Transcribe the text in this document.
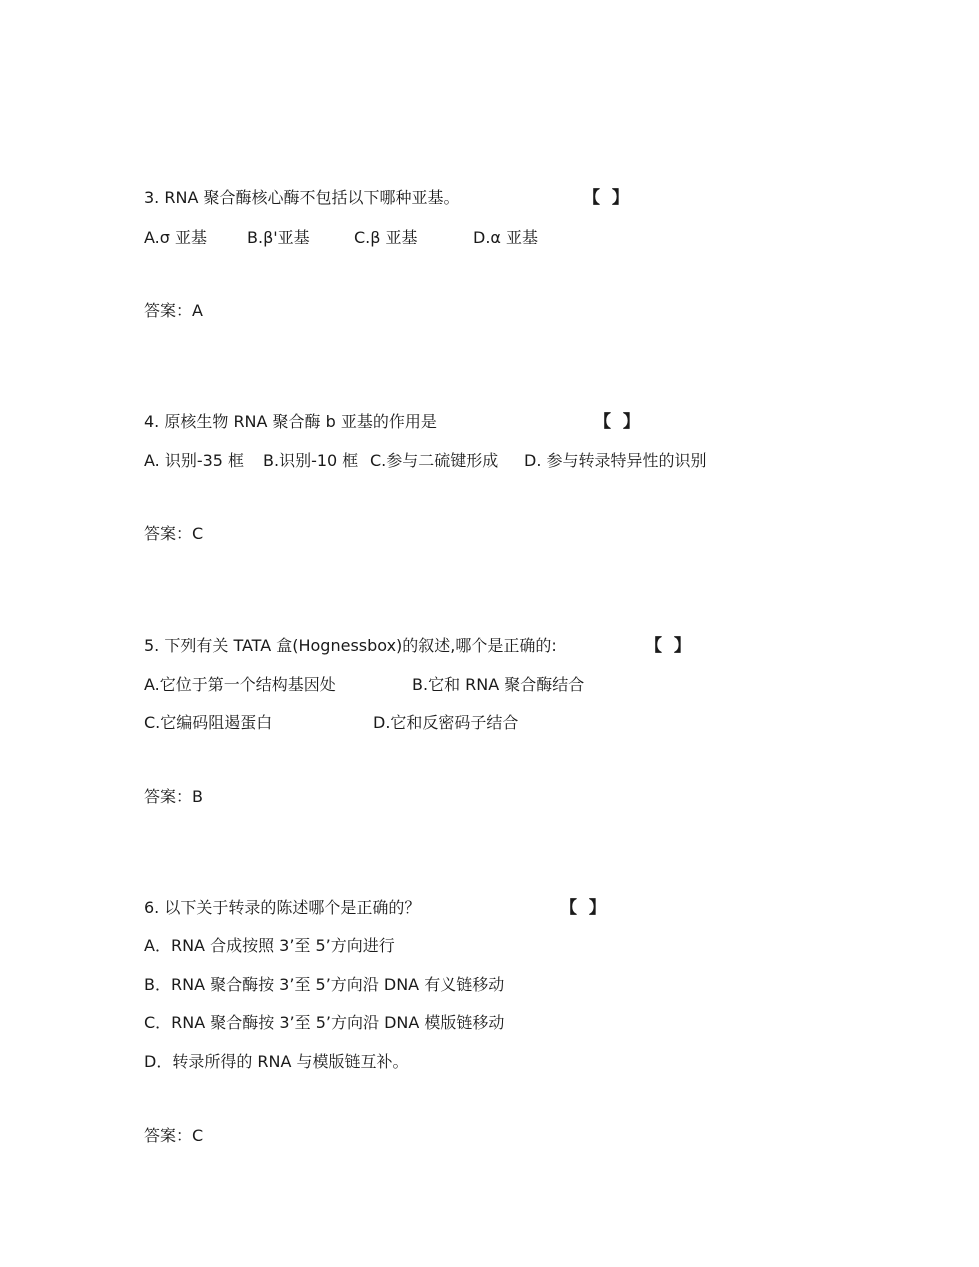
3. RNA 聚合酶核心酶不包括以下哪种亚基。	【  】
A.σ 亚基	B.β'亚基	C.β 亚基	D.α 亚基
答案：A
4. 原核生物 RNA 聚合酶 b 亚基的作用是	【  】
A. 识别-35 框 B.识别-10 框 C.参与二硫键形成 D. 参与转录特异性的识别
答案：C
5. 下列有关 TATA 盒(Hognessbox)的叙述,哪个是正确的:	【  】
A.它位于第一个结构基因处	B.它和 RNA 聚合酶结合
C.它编码阻遏蛋白	D.它和反密码子结合
答案：B
6. 以下关于转录的陈述哪个是正确的？	【  】
A．RNA 合成按照 3’至 5’方向进行
B．RNA 聚合酶按 3’至 5’方向沿 DNA 有义链移动
C．RNA 聚合酶按 3’至 5’方向沿 DNA 模版链移动
D．转录所得的 RNA 与模版链互补。
答案：C
